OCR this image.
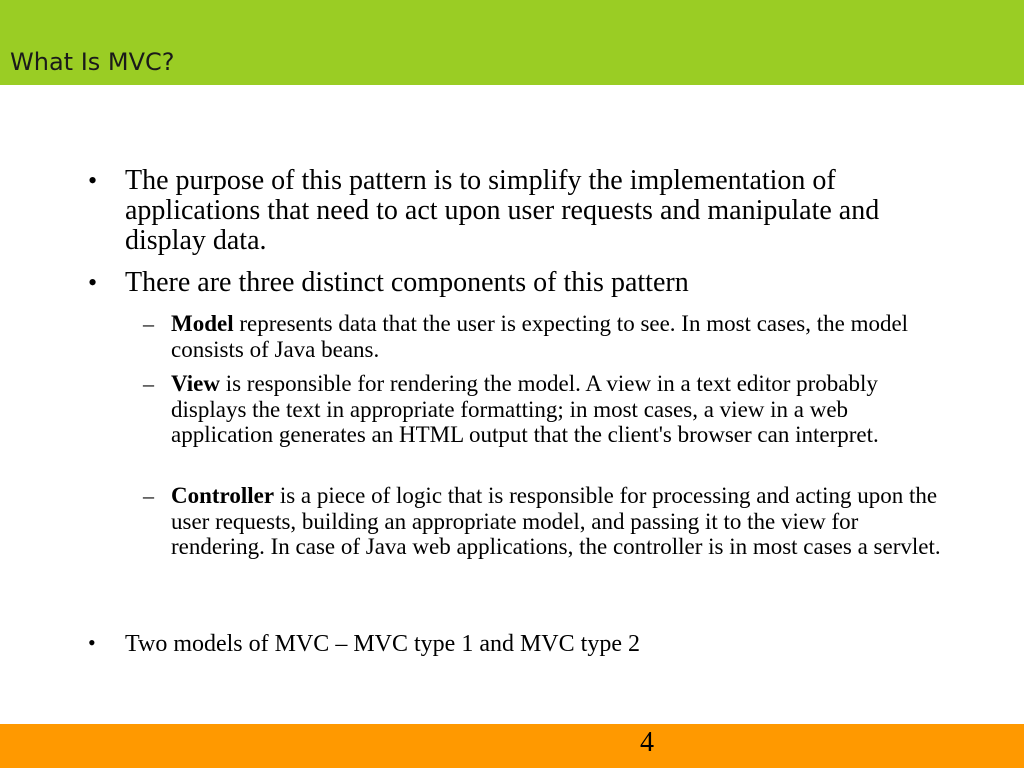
What Is MVC?
• The purpose of this pattern is to simplify the implementation of applications that need to act upon user requests and manipulate and display data.
• There are three distinct components of this pattern
– Model represents data that the user is expecting to see. In most cases, the model consists of Java beans.
– View is responsible for rendering the model. A view in a text editor probably displays the text in appropriate formatting; in most cases, a view in a web application generates an HTML output that the client's browser can interpret.
– Controller is a piece of logic that is responsible for processing and acting upon the user requests, building an appropriate model, and passing it to the view for rendering. In case of Java web applications, the controller is in most cases a servlet.
• Two models of MVC – MVC type 1 and MVC type 2
4
